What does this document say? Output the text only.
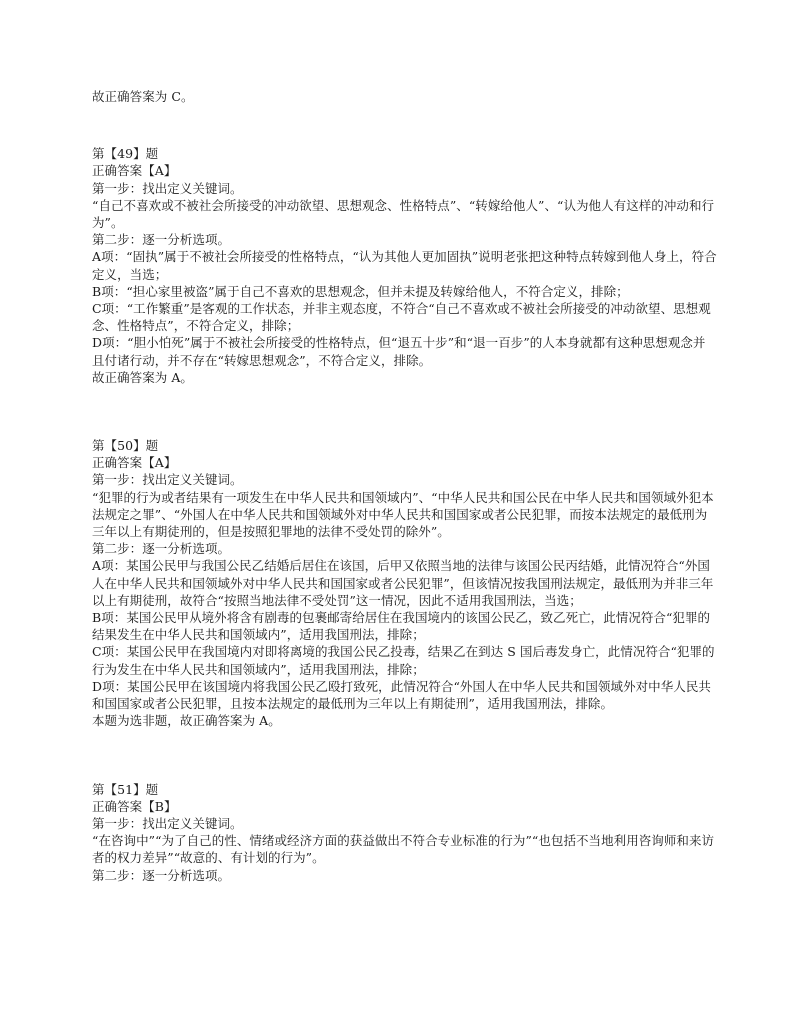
故正确答案为 C。
第【49】题
正确答案【A】
第一步：找出定义关键词。
“自己不喜欢或不被社会所接受的冲动欲望、思想观念、性格特点”、“转嫁给他人”、“认为他人有这样的冲动和行为”。
第二步：逐一分析选项。
A项：“固执”属于不被社会所接受的性格特点，“认为其他人更加固执”说明老张把这种特点转嫁到他人身上，符合定义，当选；
B项：“担心家里被盗”属于自己不喜欢的思想观念，但并未提及转嫁给他人，不符合定义，排除；
C项：“工作繁重”是客观的工作状态，并非主观态度，不符合“自己不喜欢或不被社会所接受的冲动欲望、思想观念、性格特点”，不符合定义，排除；
D项：“胆小怕死”属于不被社会所接受的性格特点，但“退五十步”和“退一百步”的人本身就都有这种思想观念并且付诸行动，并不存在“转嫁思想观念”，不符合定义，排除。
故正确答案为 A。
第【50】题
正确答案【A】
第一步：找出定义关键词。
“犯罪的行为或者结果有一项发生在中华人民共和国领域内”、“中华人民共和国公民在中华人民共和国领域外犯本法规定之罪”、“外国人在中华人民共和国领域外对中华人民共和国国家或者公民犯罪，而按本法规定的最低刑为三年以上有期徒刑的，但是按照犯罪地的法律不受处罚的除外”。
第二步：逐一分析选项。
A项：某国公民甲与我国公民乙结婚后居住在该国，后甲又依照当地的法律与该国公民丙结婚，此情况符合“外国人在中华人民共和国领域外对中华人民共和国国家或者公民犯罪”，但该情况按我国刑法规定，最低刑为并非三年以上有期徒刑，故符合“按照当地法律不受处罚”这一情况，因此不适用我国刑法，当选；
B项：某国公民甲从境外将含有剧毒的包裹邮寄给居住在我国境内的该国公民乙，致乙死亡，此情况符合“犯罪的结果发生在中华人民共和国领域内”，适用我国刑法，排除；
C项：某国公民甲在我国境内对即将离境的我国公民乙投毒，结果乙在到达 S 国后毒发身亡，此情况符合“犯罪的行为发生在中华人民共和国领域内”，适用我国刑法，排除；
D项：某国公民甲在该国境内将我国公民乙殴打致死，此情况符合“外国人在中华人民共和国领域外对中华人民共和国国家或者公民犯罪，且按本法规定的最低刑为三年以上有期徒刑”，适用我国刑法，排除。
本题为选非题，故正确答案为 A。
第【51】题
正确答案【B】
第一步：找出定义关键词。
“在咨询中”“为了自己的性、情绪或经济方面的获益做出不符合专业标准的行为”“也包括不当地利用咨询师和来访者的权力差异”“故意的、有计划的行为”。
第二步：逐一分析选项。
